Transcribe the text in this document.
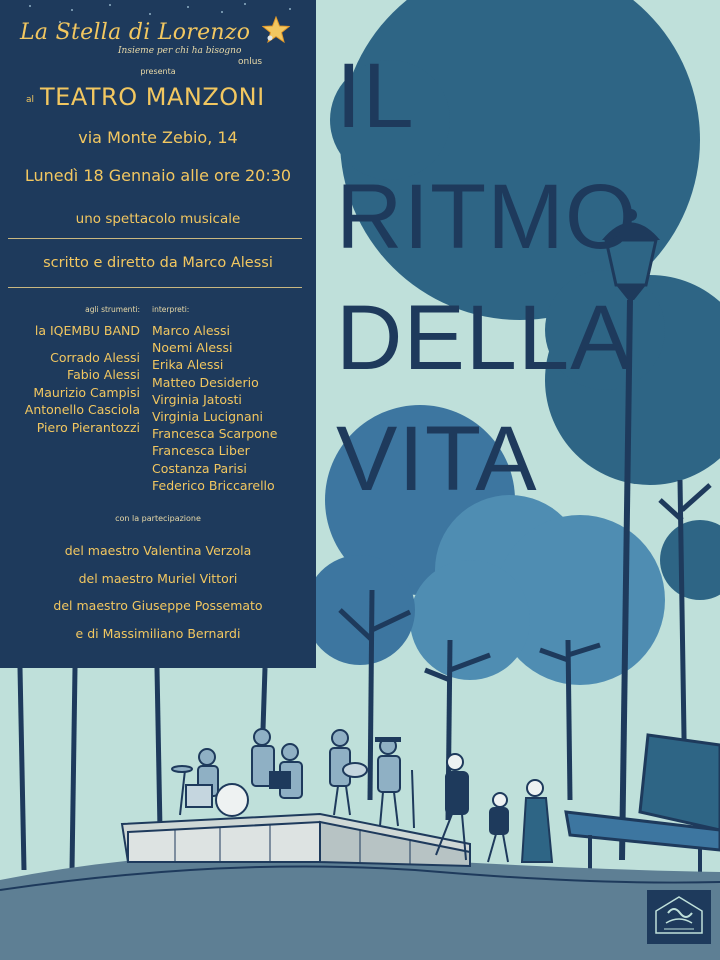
La Stella di Lorenzo
Insieme per chi ha bisogno
onlus
presenta
al TEATRO MANZONI
via Monte Zebio, 14
Lunedì 18 Gennaio alle ore 20:30
uno spettacolo musicale
scritto e diretto da Marco Alessi
agli strumenti: interpreti:
la IQEMBU BAND
Corrado Alessi
Fabio Alessi
Maurizio Campisi
Antonello Casciola
Piero Pierantozzi
Marco Alessi
Noemi Alessi
Erika Alessi
Matteo Desiderio
Virginia Jatosti
Virginia Lucignani
Francesca Scarpone
Francesca Liber
Costanza Parisi
Federico Briccarello
con la partecipazione
del maestro Valentina Verzola
del maestro Muriel Vittori
del maestro Giuseppe Possemato
e di Massimiliano Bernardi
IL RITMO
DELLA
VITA
